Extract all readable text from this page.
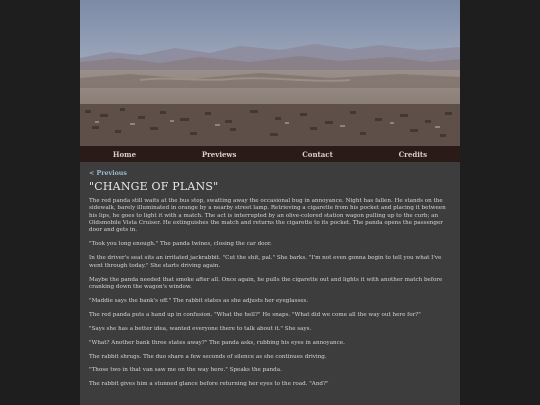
Home	Previews	Contact	Credits
< Previous
"CHANGE OF PLANS"

The red panda still waits at the bus stop, swatting away the occasional bug in annoyance. Night has fallen. He stands on the sidewalk, barely illuminated in orange by a nearby street lamp. Retrieving a cigarette from his pocket and placing it between his lips, he goes to light it with a match. The act is interrupted by an olive-colored station wagon pulling up to the curb; an Oldsmobile Vista Cruiser. He extinguishes the match and returns the cigarette to its pocket. The panda opens the passenger door and gets in.

"Took you long enough." The panda twines, closing the car door.

In the driver's seat sits an irritated jackrabbit. "Cut the shit, pal." She barks. "I'm not even gonna begin to tell you what I've went through today." She starts driving again.

Maybe the panda needed that smoke after all. Once again, he pulls the cigarette out and lights it with another match before cranking down the wagon's window.

"Maddie says the bank's off." The rabbit states as she adjusts her eyeglasses.

The red panda puts a hand up in confusion. "What the hell?" He snaps. "What did we come all the way out here for?"

"Says she has a better idea, wanted everyone there to talk about it." She says.

"What? Another bank three states away?" The panda asks, rubbing his eyes in annoyance.

The rabbit shrugs. The duo share a few seconds of silence as she continues driving.

"Those two in that van saw me on the way here." Speaks the panda.

The rabbit gives him a stunned glance before returning her eyes to the road. "And?"
